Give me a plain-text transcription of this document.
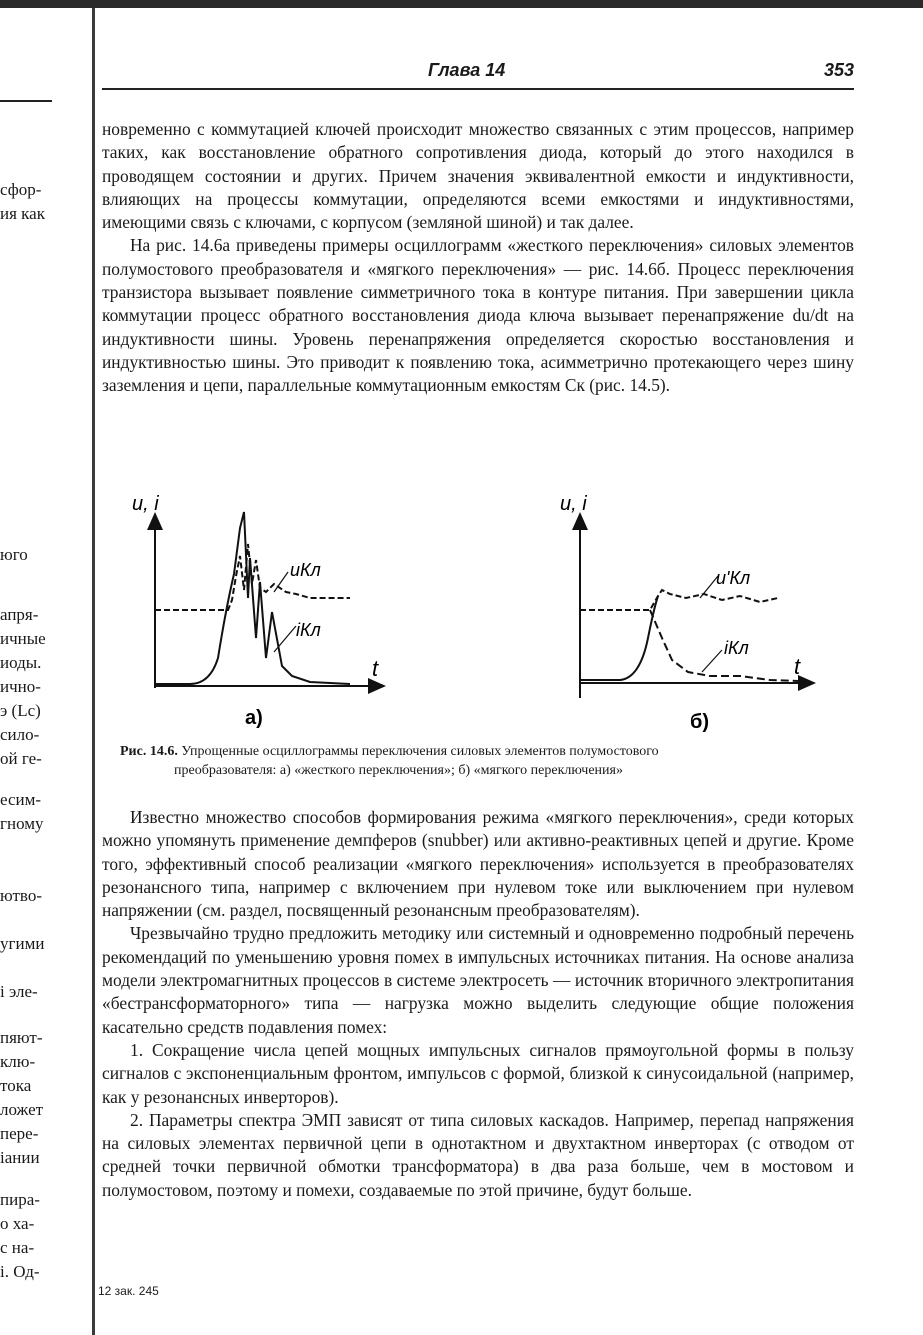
сфор-
ия как
юго
апря-
ичные
иоды.
ично-
э (Lc)
сило-
ой ге-
есим-
гному
ютво-
угими
і эле-
пяют-
клю-
тока
ложет
пере-
іании
пира-
о ха-
с на-
і. Од-
Глава 14	353

новременно с коммутацией ключей происходит множество связанных с этим процессов, например таких, как восстановление обратного сопротивления диода, который до этого находился в проводящем состоянии и других. Причем значения эквивалентной емкости и индуктивности, влияющих на процессы коммутации, определяются всеми емкостями и индуктивностями, имеющими связь с ключами, с корпусом (земляной шиной) и так далее.

На рис. 14.6а приведены примеры осциллограмм «жесткого переключения» силовых элементов полумостового преобразователя и «мягкого переключения» — рис. 14.6б. Процесс переключения транзистора вызывает появление симметричного тока в контуре питания. При завершении цикла коммутации процесс обратного восстановления диода ключа вызывает перенапряжение du/dt на индуктивности шины. Уровень перенапряжения определяется скоростью восстановления и индуктивностью шины. Это приводит к появлению тока, асимметрично протекающего через шину заземления и цепи, параллельные коммутационным емкостям Cк (рис. 14.5).

u, i
t
uКл
iКл
а)
u, i
t
u'Кл
iКл
б)
Рис. 14.6. Упрощенные осциллограммы переключения силовых элементов полумостового
преобразователя: а) «жесткого переключения»; б) «мягкого переключения»

Известно множество способов формирования режима «мягкого переключения», среди которых можно упомянуть применение демпферов (snubber) или активно-реактивных цепей и другие. Кроме того, эффективный способ реализации «мягкого переключения» используется в преобразователях резонансного типа, например с включением при нулевом токе или выключением при нулевом напряжении (см. раздел, посвященный резонансным преобразователям).

Чрезвычайно трудно предложить методику или системный и одновременно подробный перечень рекомендаций по уменьшению уровня помех в импульсных источниках питания. На основе анализа модели электромагнитных процессов в системе электросеть — источник вторичного электропитания «бестрансформаторного» типа — нагрузка можно выделить следующие общие положения касательно средств подавления помех:

1. Сокращение числа цепей мощных импульсных сигналов прямоугольной формы в пользу сигналов с экспоненциальным фронтом, импульсов с формой, близкой к синусоидальной (например, как у резонансных инверторов).

2. Параметры спектра ЭМП зависят от типа силовых каскадов. Например, перепад напряжения на силовых элементах первичной цепи в однотактном и двухтактном инверторах (с отводом от средней точки первичной обмотки трансформатора) в два раза больше, чем в мостовом и полумостовом, поэтому и помехи, создаваемые по этой причине, будут больше.

12 зак. 245
